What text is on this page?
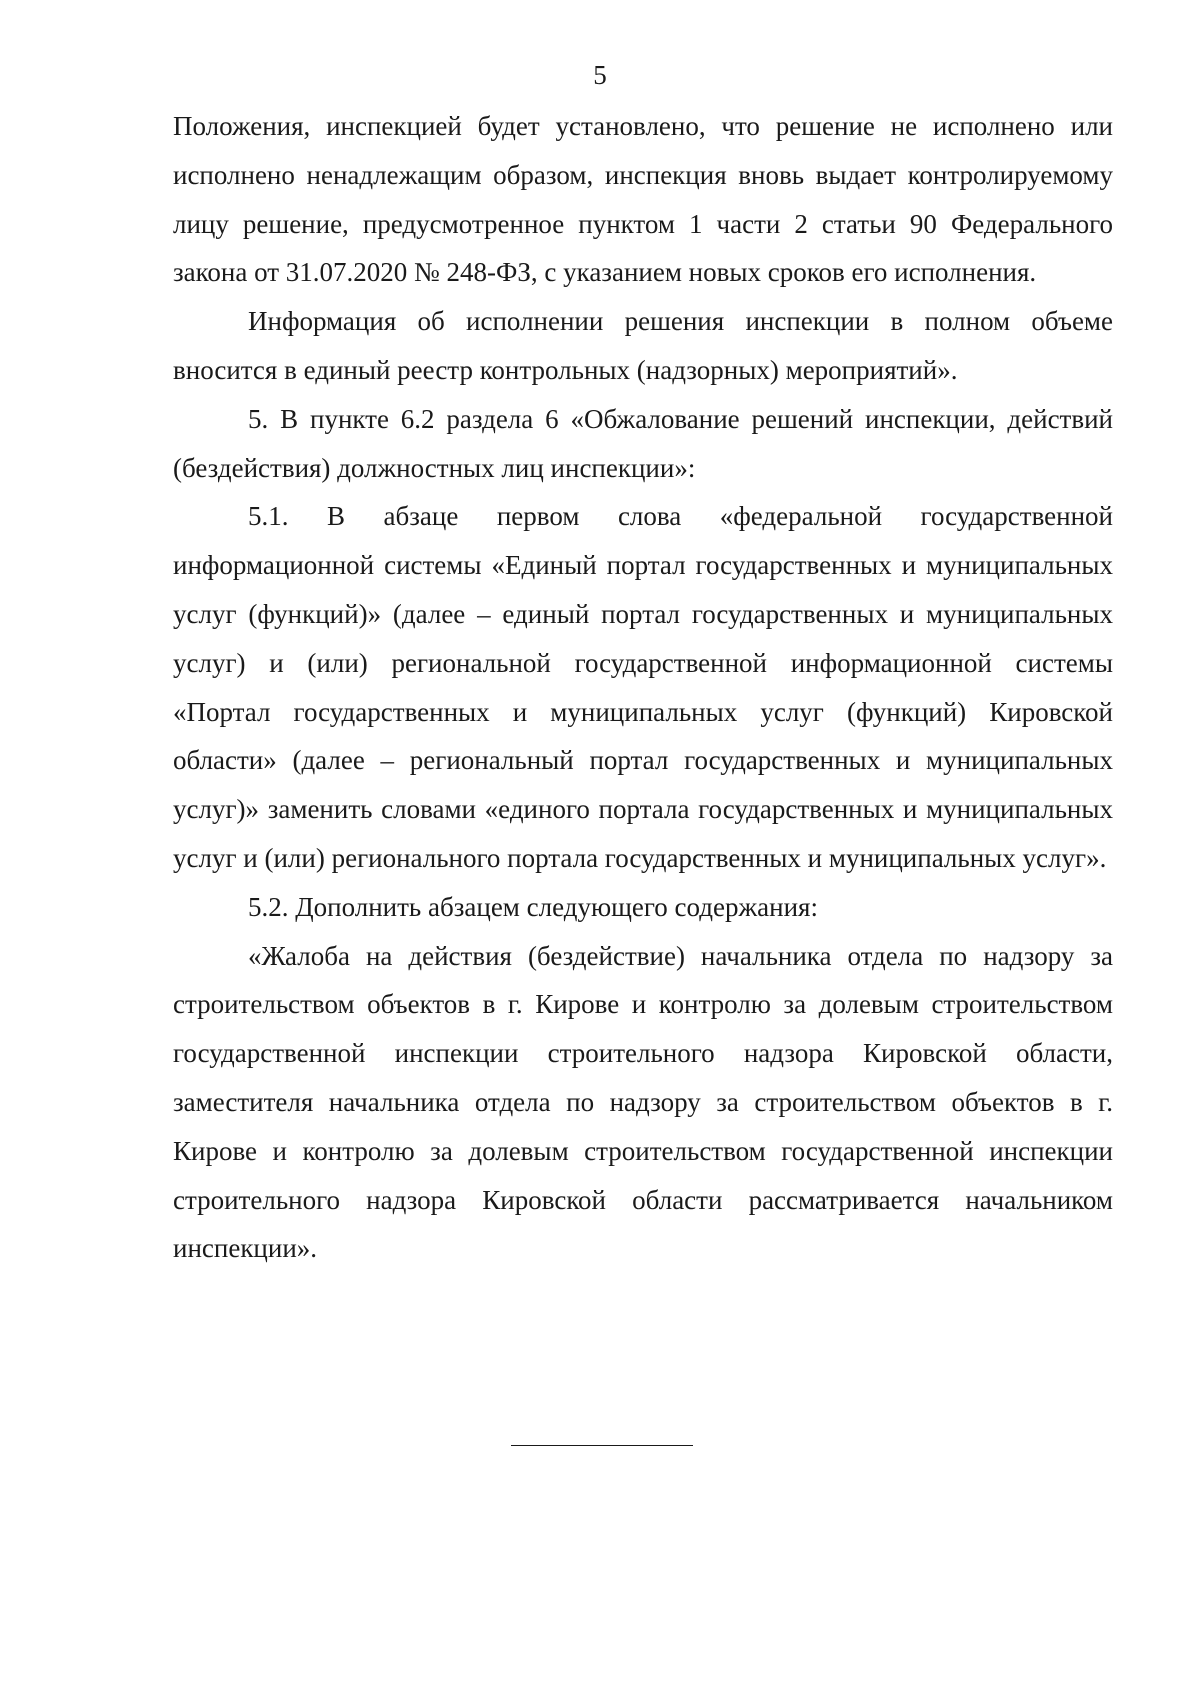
5

Положения, инспекцией будет установлено, что решение не исполнено или исполнено ненадлежащим образом, инспекция вновь выдает контролируемому лицу решение, предусмотренное пунктом 1 части 2 статьи 90 Федерального закона от 31.07.2020 № 248-ФЗ, с указанием новых сроков его исполнения.

Информация об исполнении решения инспекции в полном объеме вносится в единый реестр контрольных (надзорных) мероприятий».

5. В пункте 6.2 раздела 6 «Обжалование решений инспекции, действий (бездействия) должностных лиц инспекции»:

5.1. В абзаце первом слова «федеральной государственной информационной системы «Единый портал государственных и муниципальных услуг (функций)» (далее – единый портал государственных и муниципальных услуг) и (или) региональной государственной информационной системы «Портал государственных и муниципальных услуг (функций) Кировской области» (далее – региональный портал государственных и муниципальных услуг)» заменить словами «единого портала государственных и муниципальных услуг и (или) регионального портала государственных и муниципальных услуг».

5.2. Дополнить абзацем следующего содержания:

«Жалоба на действия (бездействие) начальника отдела по надзору за строительством объектов в г. Кирове и контролю за долевым строительством государственной инспекции строительного надзора Кировской области, заместителя начальника отдела по надзору за строительством объектов в г. Кирове и контролю за долевым строительством государственной инспекции строительного надзора Кировской области рассматривается начальником инспекции».
